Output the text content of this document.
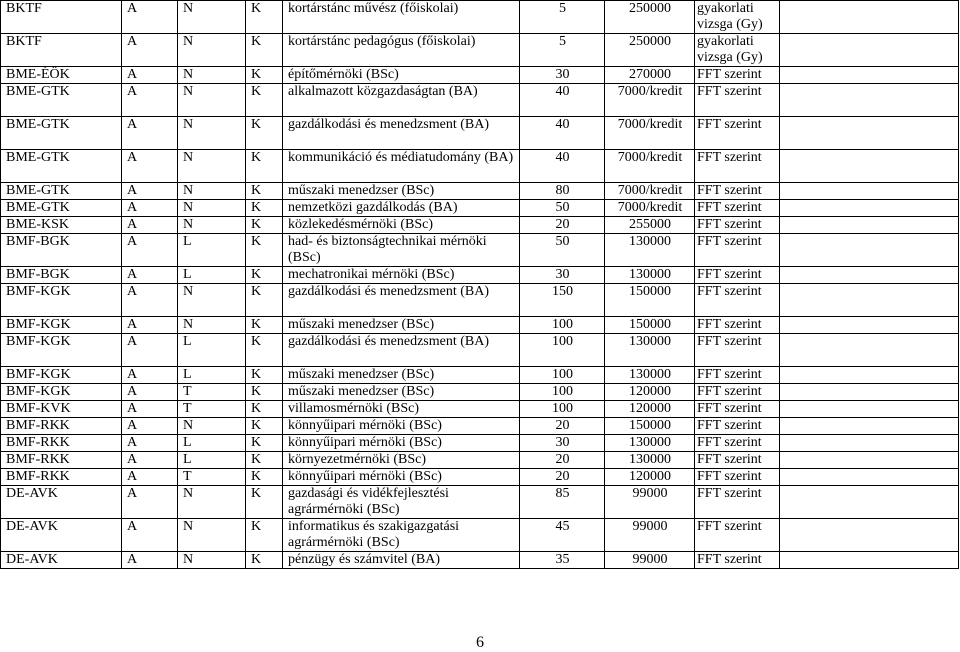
BKTF	A	N	K	kortárstánc művész (főiskolai)	5	250000	gyakorlati vizsga (Gy)	
BKTF	A	N	K	kortárstánc pedagógus (főiskolai)	5	250000	gyakorlati vizsga (Gy)	
BME-ÉÖK	A	N	K	építőmérnöki (BSc)	30	270000	FFT szerint	
BME-GTK	A	N	K	alkalmazott közgazdaságtan (BA)	40	7000/kredit	FFT szerint	
BME-GTK	A	N	K	gazdálkodási és menedzsment (BA)	40	7000/kredit	FFT szerint	
BME-GTK	A	N	K	kommunikáció és médiatudomány (BA)	40	7000/kredit	FFT szerint	
BME-GTK	A	N	K	műszaki menedzser (BSc)	80	7000/kredit	FFT szerint	
BME-GTK	A	N	K	nemzetközi gazdálkodás (BA)	50	7000/kredit	FFT szerint	
BME-KSK	A	N	K	közlekedésmérnöki (BSc)	20	255000	FFT szerint	
BMF-BGK	A	L	K	had- és biztonságtechnikai mérnöki (BSc)	50	130000	FFT szerint	
BMF-BGK	A	L	K	mechatronikai mérnöki (BSc)	30	130000	FFT szerint	
BMF-KGK	A	N	K	gazdálkodási és menedzsment (BA)	150	150000	FFT szerint	
BMF-KGK	A	N	K	műszaki menedzser (BSc)	100	150000	FFT szerint	
BMF-KGK	A	L	K	gazdálkodási és menedzsment (BA)	100	130000	FFT szerint	
BMF-KGK	A	L	K	műszaki menedzser (BSc)	100	130000	FFT szerint	
BMF-KGK	A	T	K	műszaki menedzser (BSc)	100	120000	FFT szerint	
BMF-KVK	A	T	K	villamosmérnöki (BSc)	100	120000	FFT szerint	
BMF-RKK	A	N	K	könnyűipari mérnöki (BSc)	20	150000	FFT szerint	
BMF-RKK	A	L	K	könnyűipari mérnöki (BSc)	30	130000	FFT szerint	
BMF-RKK	A	L	K	környezetmérnöki (BSc)	20	130000	FFT szerint	
BMF-RKK	A	T	K	könnyűipari mérnöki (BSc)	20	120000	FFT szerint	
DE-AVK	A	N	K	gazdasági és vidékfejlesztési agrármérnöki (BSc)	85	99000	FFT szerint	
DE-AVK	A	N	K	informatikus és szakigazgatási agrármérnöki (BSc)	45	99000	FFT szerint	
DE-AVK	A	N	K	pénzügy és számvitel (BA)	35	99000	FFT szerint	
6
